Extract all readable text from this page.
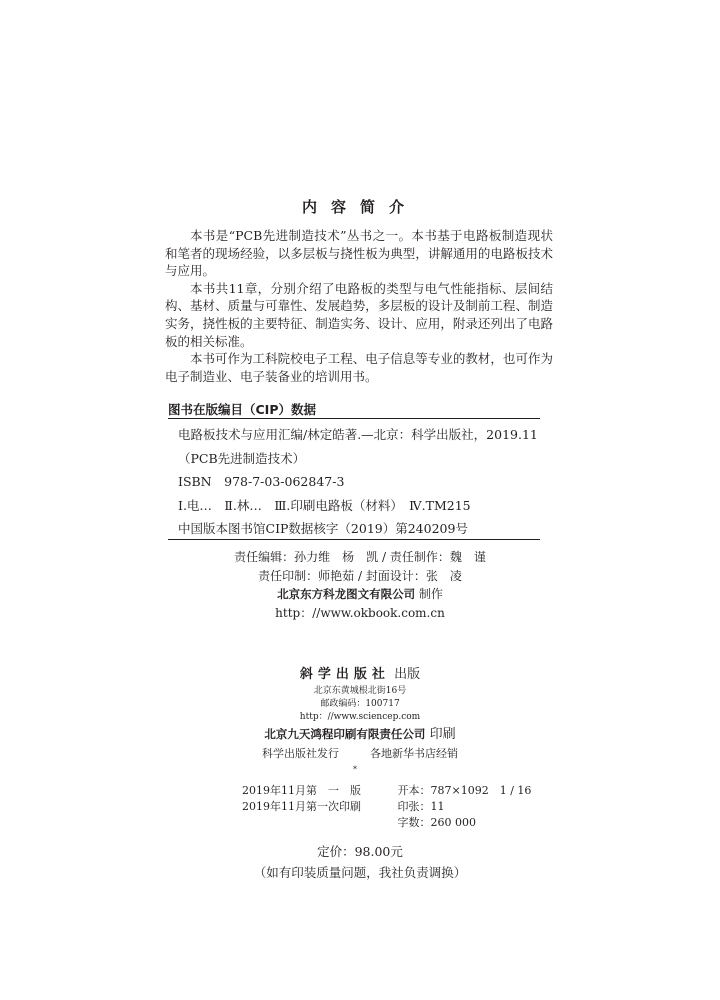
内容简介

本书是“PCB先进制造技术”丛书之一。本书基于电路板制造现状和笔者的现场经验，以多层板与挠性板为典型，讲解通用的电路板技术与应用。

本书共11章，分别介绍了电路板的类型与电气性能指标、层间结构、基材、质量与可靠性、发展趋势，多层板的设计及制前工程、制造实务，挠性板的主要特征、制造实务、设计、应用，附录还列出了电路板的相关标准。

本书可作为工科院校电子工程、电子信息等专业的教材，也可作为电子制造业、电子装备业的培训用书。

图书在版编目（CIP）数据
电路板技术与应用汇编/林定皓著.—北京：科学出版社，2019.11
（PCB先进制造技术）
ISBN　978-7-03-062847-3
Ⅰ.电…　Ⅱ.林…　Ⅲ.印刷电路板（材料）　Ⅳ.TM215
中国版本图书馆CIP数据核字（2019）第240209号
责任编辑：孙力维　杨　凯 / 责任制作：魏　谨
责任印制：师艳茹 / 封面设计：张　凌
北京东方科龙图文有限公司 制作
http：//www.okbook.com.cn
斜学出版社 出版
北京东黄城根北街16号
邮政编码：100717
http：//www.sciencep.com
北京九天鸿程印刷有限责任公司 印刷
科学出版社发行	各地新华书店经销
*
2019年11月第　一　版	开本：787×1092　1 / 16
2019年11月第一次印刷	印张：11
字数：260 000
定价：98.00元
（如有印装质量问题，我社负责调换）
